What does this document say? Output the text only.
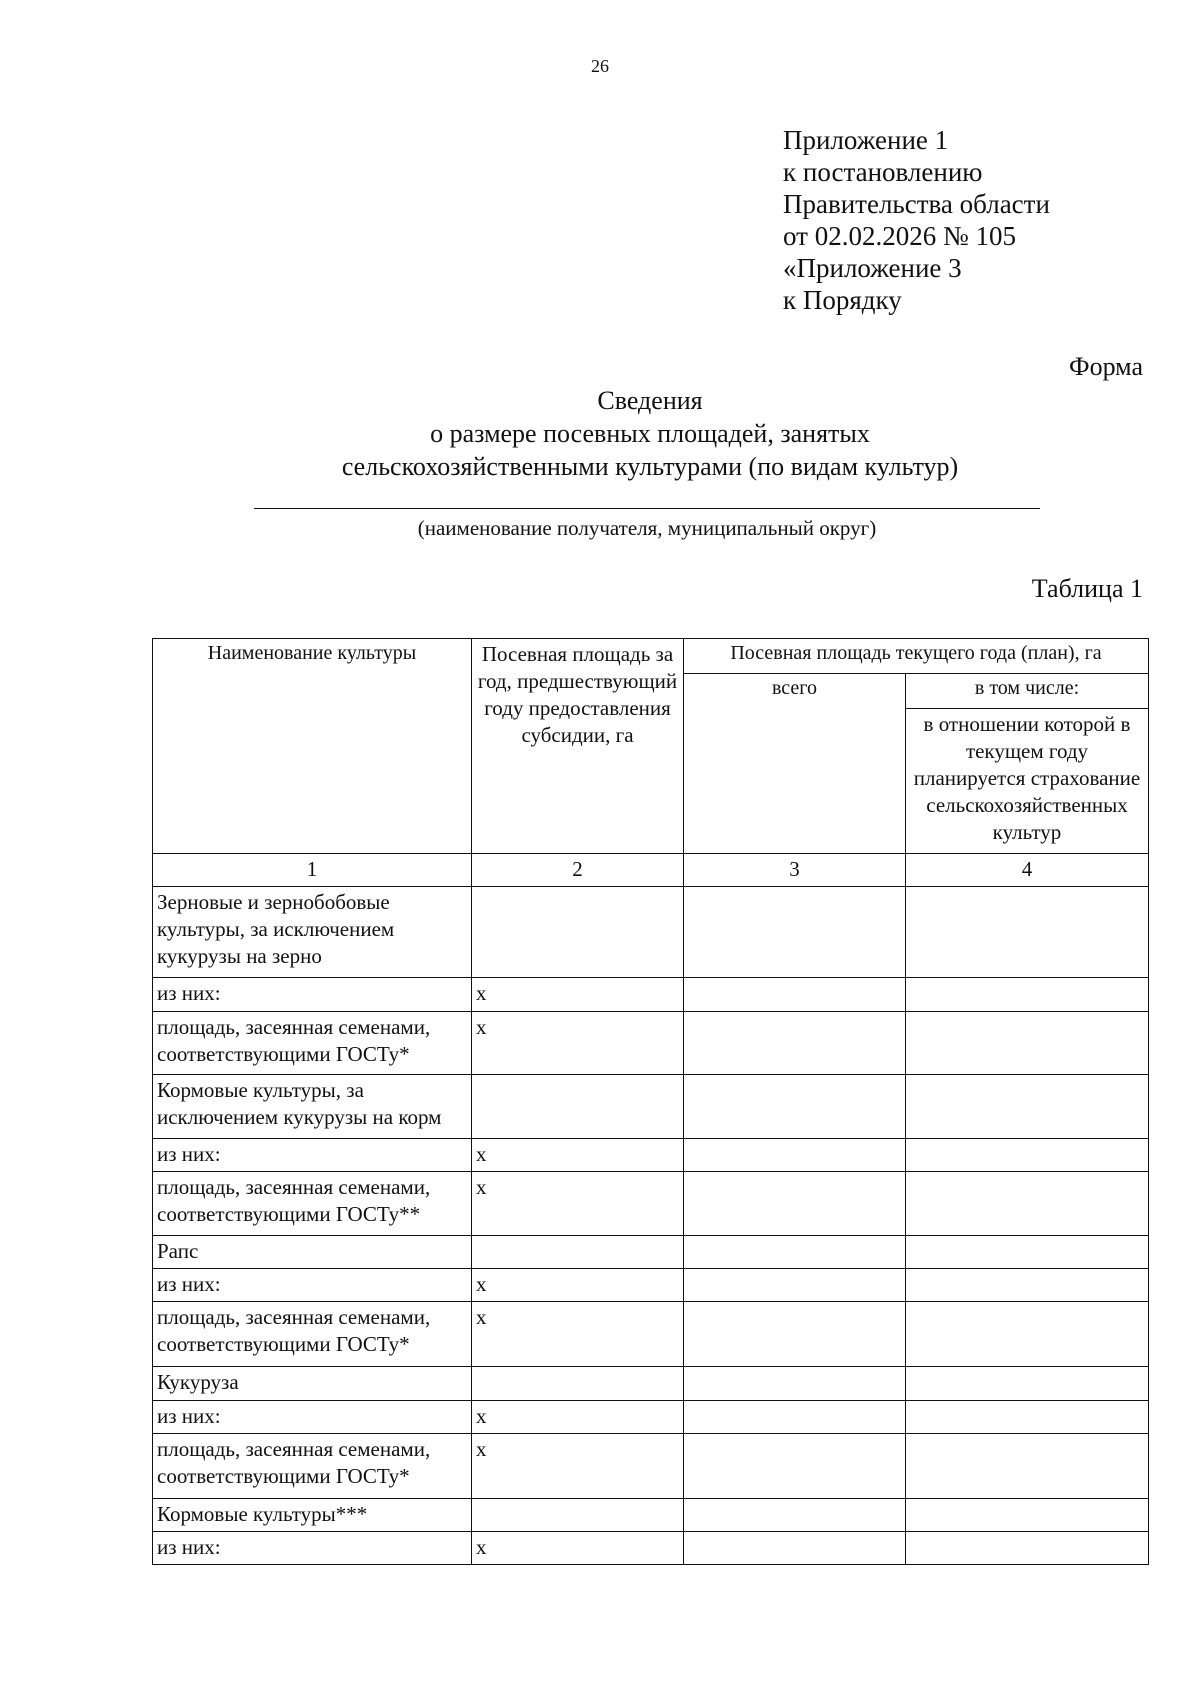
26
Приложение 1
к постановлению
Правительства области
от 02.02.2026 № 105
«Приложение 3
к Порядку
Форма
Сведения
о размере посевных площадей, занятых
сельскохозяйственными культурами (по видам культур)
(наименование получателя, муниципальный округ)
Таблица 1
Наименование культуры	Посевная площадь за год, предшествующий году предоставления субсидии, га	Посевная площадь текущего года (план), га	
		всего	в том числе:
			в отношении которой в текущем году планируется страхование сельскохозяйственных культур
1	2	3	4
Зерновые и зернобобовые культуры, за исключением кукурузы на зерно			
из них:	x		
площадь, засеянная семенами, соответствующими ГОСТу*	x		
Кормовые культуры, за исключением кукурузы на корм			
из них:	x		
площадь, засеянная семенами, соответствующими ГОСТу**	x		
Рапс			
из них:	x		
площадь, засеянная семенами, соответствующими ГОСТу*	x		
Кукуруза			
из них:	x		
площадь, засеянная семенами, соответствующими ГОСТу*	x		
Кормовые культуры***			
из них:	x		
